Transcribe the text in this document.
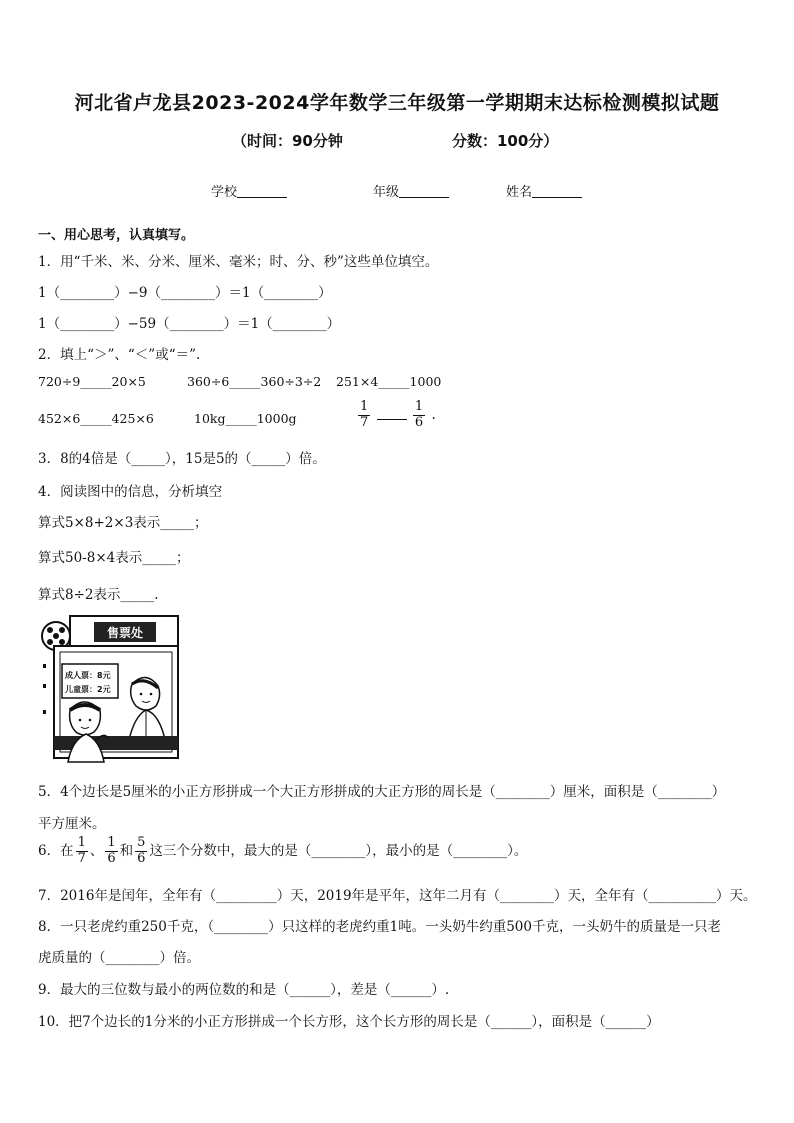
河北省卢龙县2023-2024学年数学三年级第一学期期末达标检测模拟试题
（时间：90分钟	分数：100分）
学校	年级	姓名
一、用心思考，认真填写。
1．用“千米、米、分米、厘米、毫米；时、分、秒”这些单位填空。
1（________）−9（________）＝1（________）
1（________）−59（________）＝1（________）
2．填上“＞”、“＜”或“＝”.
720÷9_____20×5	360÷6_____360÷3÷2 251×4_____1000
452×6_____425×6	10kg_____1000g	$\frac{1}{7}$
	$\frac{1}{6}$ .
3．8的4倍是（_____），15是5的（_____）倍。
4．阅读图中的信息，分析填空
算式5×8+2×3表示_____；
算式50-8×4表示_____；
算式8÷2表示_____.
售票处
成人票：8元
儿童票：2元
5．4个边长是5厘米的小正方形拼成一个大正方形拼成的大正方形的周长是（________）厘米，面积是（________）
平方厘米。
6．在 $\frac{1}{7}$ 、 $\frac{1}{6}$ 和 $\frac{5}{6}$ 这三个分数中，最大的是（________），最小的是（________）。
7．2016年是闰年，全年有（_________）天，2019年是平年，这年二月有（________）天，全年有（__________）天。
8．一只老虎约重250千克，（________）只这样的老虎约重1吨。一头奶牛约重500千克，一头奶牛的质量是一只老
虎质量的（________）倍。
9．最大的三位数与最小的两位数的和是（______），差是（______）.
10．把7个边长的1分米的小正方形拼成一个长方形，这个长方形的周长是（______），面积是（______）
